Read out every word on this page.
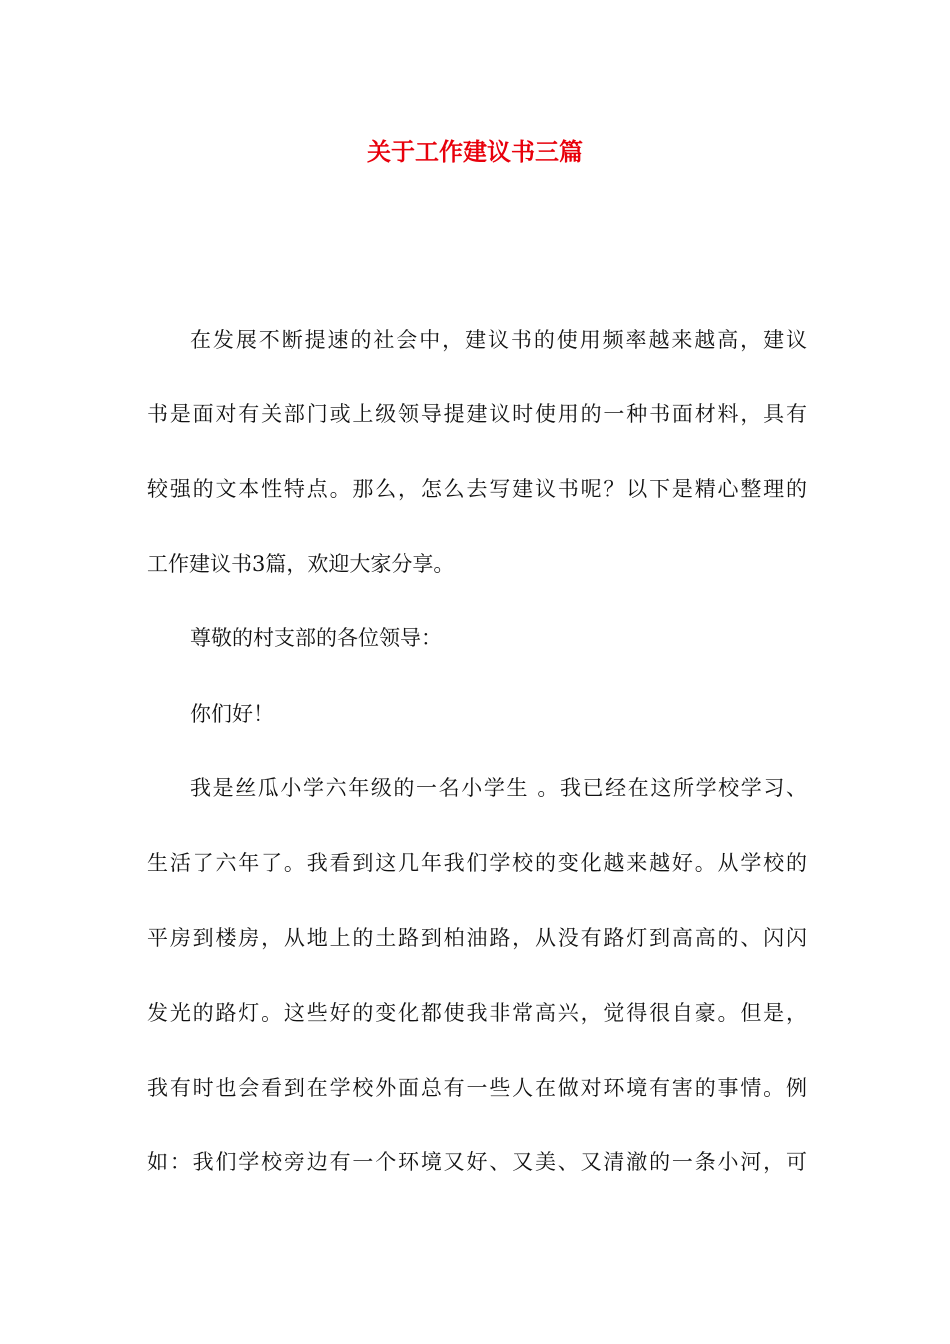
关于工作建议书三篇
在发展不断提速的社会中，建议书的使用频率越来越高，建议
书是面对有关部门或上级领导提建议时使用的一种书面材料，具有
较强的文本性特点。那么，怎么去写建议书呢？以下是精心整理的
工作建议书3篇，欢迎大家分享。
尊敬的村支部的各位领导：
你们好！
我是丝瓜小学六年级的一名小学生 。我已经在这所学校学习、
生活了六年了。我看到这几年我们学校的变化越来越好。从学校的
平房到楼房，从地上的土路到柏油路，从没有路灯到高高的、闪闪
发光的路灯。这些好的变化都使我非常高兴，觉得很自豪。但是，
我有时也会看到在学校外面总有一些人在做对环境有害的事情。例
如：我们学校旁边有一个环境又好、又美、又清澈的一条小河，可
